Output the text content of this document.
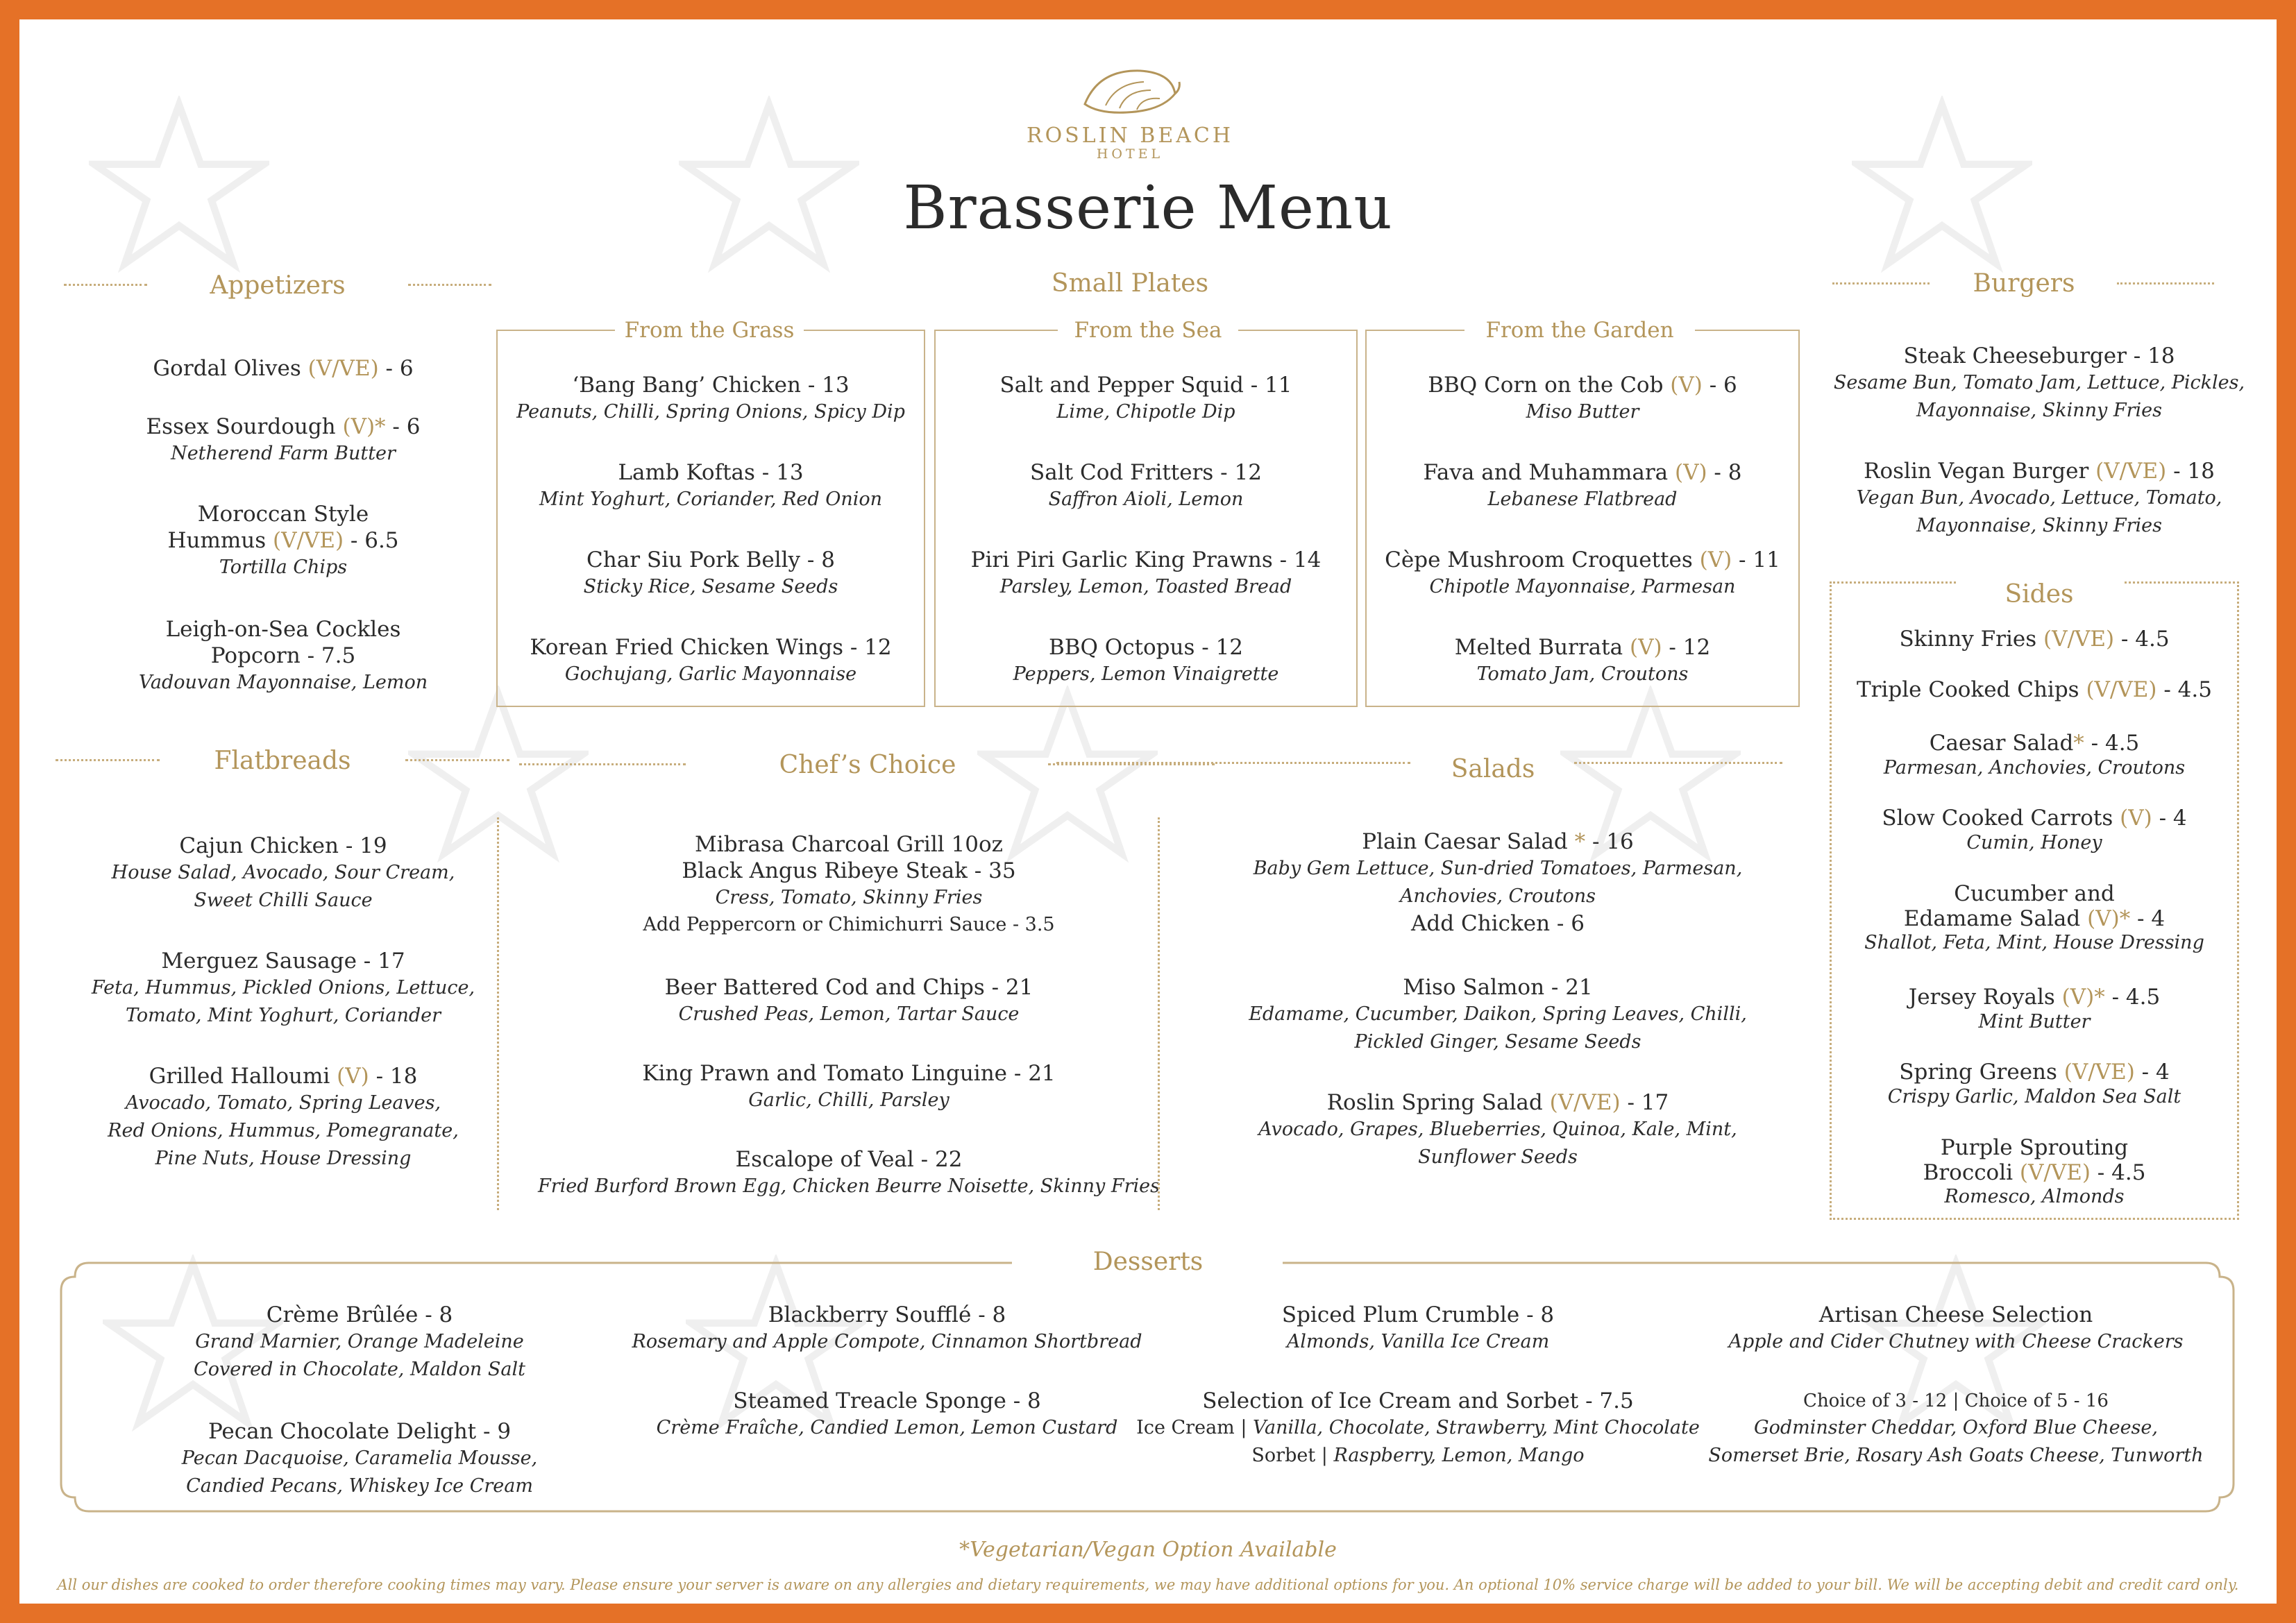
ROSLIN BEACH
HOTEL
Brasserie Menu
Appetizers
Gordal Olives (V/VE) - 6
Essex Sourdough (V)* - 6
Netherend Farm Butter
Moroccan Style
Hummus (V/VE) - 6.5
Tortilla Chips
Leigh-on-Sea Cockles
Popcorn - 7.5
Vadouvan Mayonnaise, Lemon
Small Plates
From the Grass	From the Sea	From the Garden
‘Bang Bang’ Chicken - 13
Peanuts, Chilli, Spring Onions, Spicy Dip
Lamb Koftas - 13
Mint Yoghurt, Coriander, Red Onion
Char Siu Pork Belly - 8
Sticky Rice, Sesame Seeds
Korean Fried Chicken Wings - 12
Gochujang, Garlic Mayonnaise
Salt and Pepper Squid - 11
Lime, Chipotle Dip
Salt Cod Fritters - 12
Saffron Aioli, Lemon
Piri Piri Garlic King Prawns - 14
Parsley, Lemon, Toasted Bread
BBQ Octopus - 12
Peppers, Lemon Vinaigrette
BBQ Corn on the Cob (V) - 6
Miso Butter
Fava and Muhammara (V) - 8
Lebanese Flatbread
Cèpe Mushroom Croquettes (V) - 11
Chipotle Mayonnaise, Parmesan
Melted Burrata (V) - 12
Tomato Jam, Croutons
Burgers
Steak Cheeseburger - 18
Sesame Bun, Tomato Jam, Lettuce, Pickles,
Mayonnaise, Skinny Fries
Roslin Vegan Burger (V/VE) - 18
Vegan Bun, Avocado, Lettuce, Tomato,
Mayonnaise, Skinny Fries
Sides
Skinny Fries (V/VE) - 4.5
Triple Cooked Chips (V/VE) - 4.5
Caesar Salad* - 4.5
Parmesan, Anchovies, Croutons
Slow Cooked Carrots (V) - 4
Cumin, Honey
Cucumber and
Edamame Salad (V)* - 4
Shallot, Feta, Mint, House Dressing
Jersey Royals (V)* - 4.5
Mint Butter
Spring Greens (V/VE) - 4
Crispy Garlic, Maldon Sea Salt
Purple Sprouting
Broccoli (V/VE) - 4.5
Romesco, Almonds
Flatbreads
Cajun Chicken - 19
House Salad, Avocado, Sour Cream,
Sweet Chilli Sauce
Merguez Sausage - 17
Feta, Hummus, Pickled Onions, Lettuce,
Tomato, Mint Yoghurt, Coriander
Grilled Halloumi (V) - 18
Avocado, Tomato, Spring Leaves,
Red Onions, Hummus, Pomegranate,
Pine Nuts, House Dressing
Chef’s Choice
Mibrasa Charcoal Grill 10oz
Black Angus Ribeye Steak - 35
Cress, Tomato, Skinny Fries
Add Peppercorn or Chimichurri Sauce - 3.5
Beer Battered Cod and Chips - 21
Crushed Peas, Lemon, Tartar Sauce
King Prawn and Tomato Linguine - 21
Garlic, Chilli, Parsley
Escalope of Veal - 22
Fried Burford Brown Egg, Chicken Beurre Noisette, Skinny Fries
Salads
Plain Caesar Salad * - 16
Baby Gem Lettuce, Sun-dried Tomatoes, Parmesan,
Anchovies, Croutons
Add Chicken - 6
Miso Salmon - 21
Edamame, Cucumber, Daikon, Spring Leaves, Chilli,
Pickled Ginger, Sesame Seeds
Roslin Spring Salad (V/VE) - 17
Avocado, Grapes, Blueberries, Quinoa, Kale, Mint,
Sunflower Seeds
Desserts
Crème Brûlée - 8
Grand Marnier, Orange Madeleine
Covered in Chocolate, Maldon Salt
Pecan Chocolate Delight - 9
Pecan Dacquoise, Caramelia Mousse,
Candied Pecans, Whiskey Ice Cream
Blackberry Soufflé - 8
Rosemary and Apple Compote, Cinnamon Shortbread
Steamed Treacle Sponge - 8
Crème Fraîche, Candied Lemon, Lemon Custard
Spiced Plum Crumble - 8
Almonds, Vanilla Ice Cream
Selection of Ice Cream and Sorbet - 7.5
Ice Cream | Vanilla, Chocolate, Strawberry, Mint Chocolate
Sorbet | Raspberry, Lemon, Mango
Artisan Cheese Selection
Apple and Cider Chutney with Cheese Crackers
Choice of 3 - 12 | Choice of 5 - 16
Godminster Cheddar, Oxford Blue Cheese,
Somerset Brie, Rosary Ash Goats Cheese, Tunworth
*Vegetarian/Vegan Option Available
All our dishes are cooked to order therefore cooking times may vary. Please ensure your server is aware on any allergies and dietary requirements, we may have additional options for you. An optional 10% service charge will be added to your bill. We will be accepting debit and credit card only.
